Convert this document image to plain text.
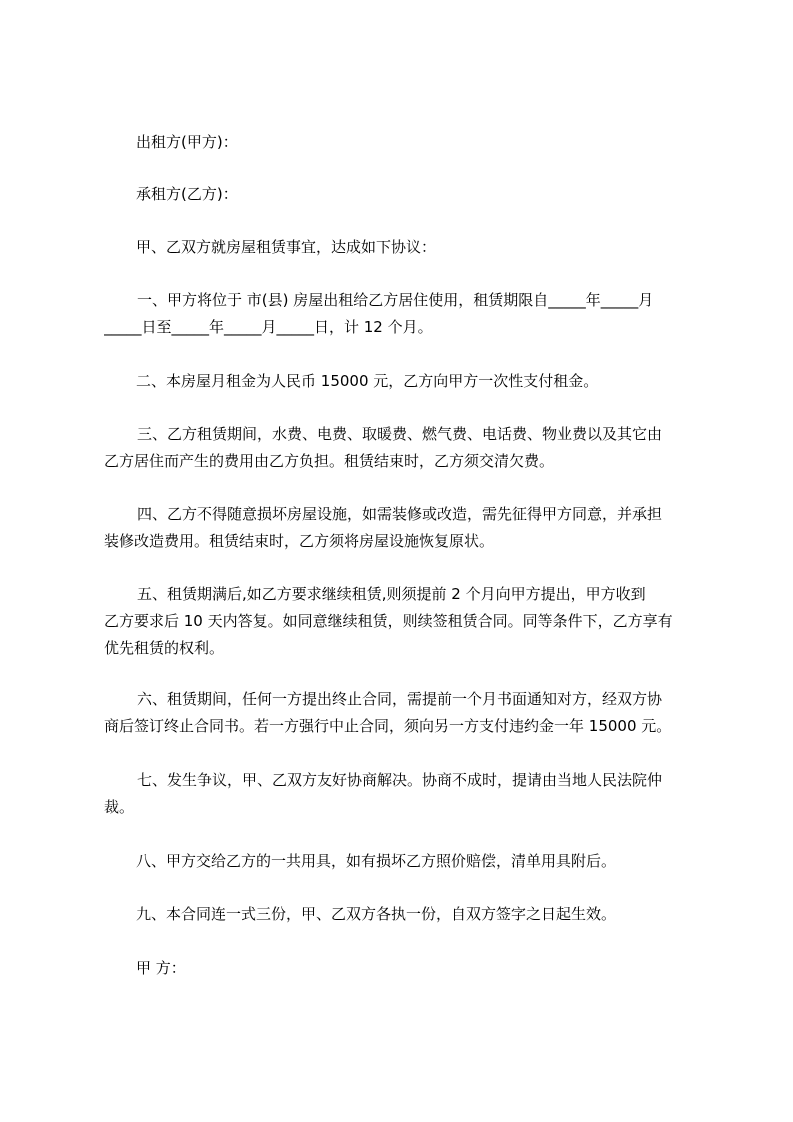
出租方(甲方)：
承租方(乙方)：
甲、乙双方就房屋租赁事宜，达成如下协议：
一、甲方将位于 市(县) 房屋出租给乙方居住使用，租赁期限自_____年_____月
_____日至_____年_____月_____日，计 12 个月。
二、本房屋月租金为人民币 15000 元，乙方向甲方一次性支付租金。
三、乙方租赁期间，水费、电费、取暖费、燃气费、电话费、物业费以及其它由
乙方居住而产生的费用由乙方负担。租赁结束时，乙方须交清欠费。
四、乙方不得随意损坏房屋设施，如需装修或改造，需先征得甲方同意，并承担
装修改造费用。租赁结束时，乙方须将房屋设施恢复原状。
五、租赁期满后,如乙方要求继续租赁,则须提前 2 个月向甲方提出，甲方收到
乙方要求后 10 天内答复。如同意继续租赁，则续签租赁合同。同等条件下，乙方享有
优先租赁的权利。
六、租赁期间，任何一方提出终止合同，需提前一个月书面通知对方，经双方协
商后签订终止合同书。若一方强行中止合同，须向另一方支付违约金一年 15000 元。
七、发生争议，甲、乙双方友好协商解决。协商不成时，提请由当地人民法院仲
裁。
八、甲方交给乙方的一共用具，如有损坏乙方照价赔偿，清单用具附后。
九、本合同连一式三份，甲、乙双方各执一份，自双方签字之日起生效。
甲 方：
